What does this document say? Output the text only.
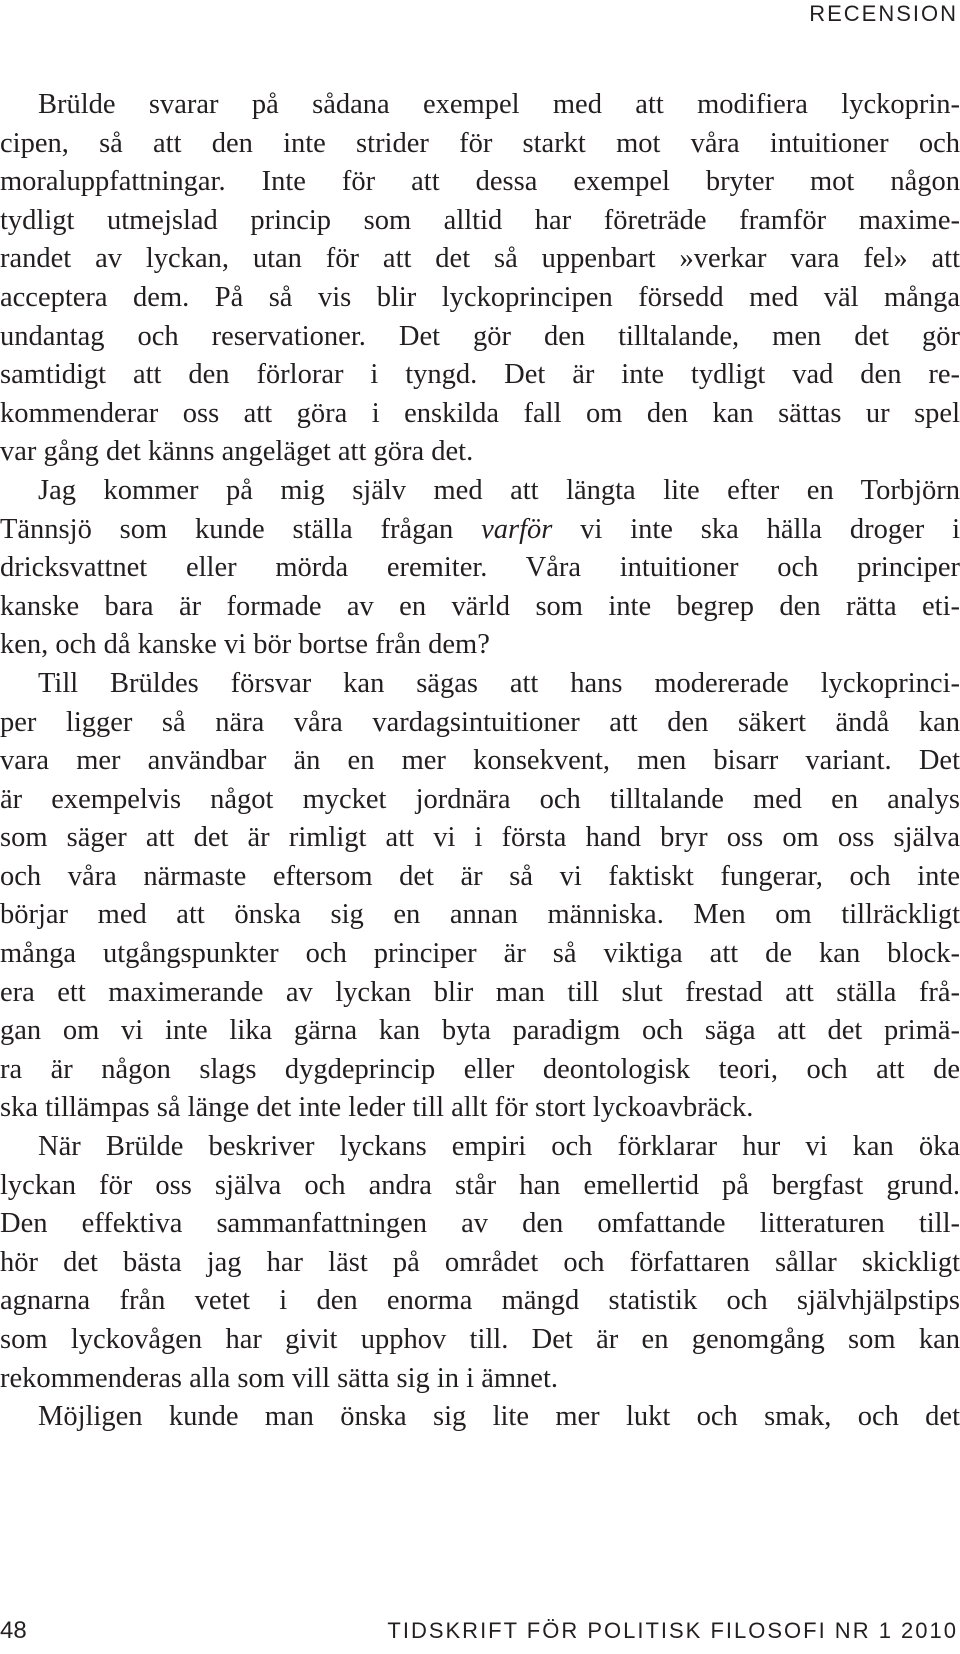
RECENSION
Brülde svarar på sådana exempel med att modifiera lyckoprin-
cipen, så att den inte strider för starkt mot våra intuitioner och
moraluppfattningar. Inte för att dessa exempel bryter mot någon
tydligt utmejslad princip som alltid har företräde framför maxime-
randet av lyckan, utan för att det så uppenbart »verkar vara fel» att
acceptera dem. På så vis blir lyckoprincipen försedd med väl många
undantag och reservationer. Det gör den tilltalande, men det gör
samtidigt att den förlorar i tyngd. Det är inte tydligt vad den re-
kommenderar oss att göra i enskilda fall om den kan sättas ur spel
var gång det känns angeläget att göra det.
Jag kommer på mig själv med att längta lite efter en Torbjörn
Tännsjö som kunde ställa frågan varför vi inte ska hälla droger i
dricksvattnet eller mörda eremiter. Våra intuitioner och principer
kanske bara är formade av en värld som inte begrep den rätta eti-
ken, och då kanske vi bör bortse från dem?
Till Brüldes försvar kan sägas att hans modererade lyckoprinci-
per ligger så nära våra vardagsintuitioner att den säkert ändå kan
vara mer användbar än en mer konsekvent, men bisarr variant. Det
är exempelvis något mycket jordnära och tilltalande med en analys
som säger att det är rimligt att vi i första hand bryr oss om oss själva
och våra närmaste eftersom det är så vi faktiskt fungerar, och inte
börjar med att önska sig en annan människa. Men om tillräckligt
många utgångspunkter och principer är så viktiga att de kan block-
era ett maximerande av lyckan blir man till slut frestad att ställa frå-
gan om vi inte lika gärna kan byta paradigm och säga att det primä-
ra är någon slags dygdeprincip eller deontologisk teori, och att de
ska tillämpas så länge det inte leder till allt för stort lyckoavbräck.
När Brülde beskriver lyckans empiri och förklarar hur vi kan öka
lyckan för oss själva och andra står han emellertid på bergfast grund.
Den effektiva sammanfattningen av den omfattande litteraturen till-
hör det bästa jag har läst på området och författaren sållar skickligt
agnarna från vetet i den enorma mängd statistik och självhjälpstips
som lyckovågen har givit upphov till. Det är en genomgång som kan
rekommenderas alla som vill sätta sig in i ämnet.
Möjligen kunde man önska sig lite mer lukt och smak, och det
48	TIDSKRIFT FÖR POLITISK FILOSOFI NR 1 2010
